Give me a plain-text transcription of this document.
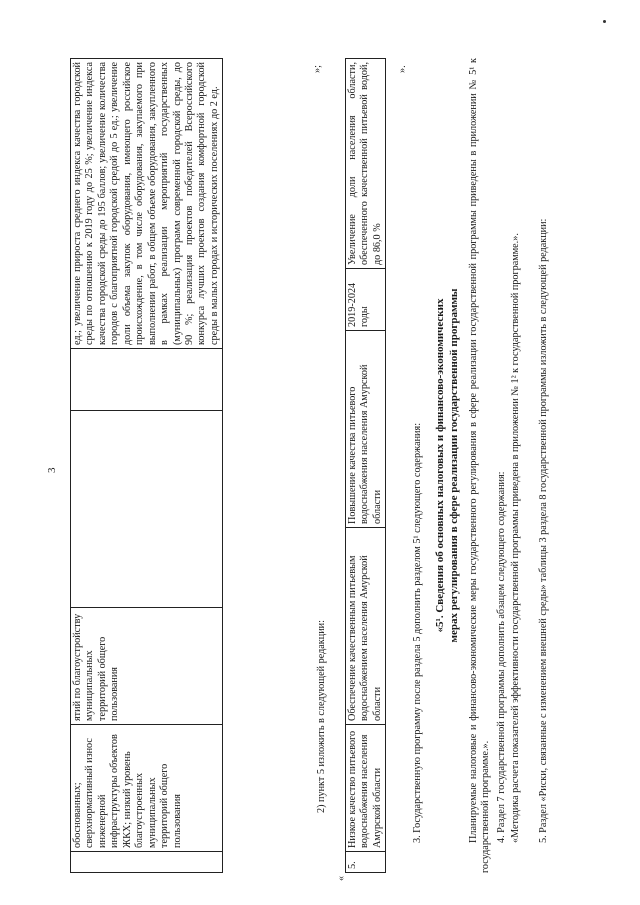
3
	обоснованных; сверхнормативный износ инженерной инфраструктуры объектов ЖКХ; низкий уровень благоустроенных муниципальных территорий общего пользования	ятий по благоустройству муниципальных территорий общего пользования			ед.; увеличение прироста среднего индекса качества городской среды по отношению к 2019 году до 25 %; увеличение индекса качества городской среды до 195 баллов; увеличение количества городов с благоприятной городской средой до 5 ед.; увеличение доли объема закупок оборудования, имеющего российское происхождение, в том числе оборудования, закупаемого при выполнении работ, в общем объеме оборудования, закупленного в рамках реализации мероприятий государственных (муниципальных) программ современной городской среды, до 90 %; реализация проектов победителей Всероссийского конкурса лучших проектов создания комфортной городской среды в малых городах и исторических поселениях до 2 ед.
»;
2) пункт 5 изложить в следующей редакции:
«
5.	Низкое качество питьевого водоснабжения населения Амурской области	Обеспечение качественным питьевым водоснабжением населения Амурской области	Повышение качества питьевого водоснабжения населения Амурской области	2019-2024 годы	Увеличение доли населения области, обеспеченного качественной питьевой водой, до 86,0 %
».
3. Государственную программу после раздела 5 дополнить разделом 5¹ следующего содержания: «5¹. Сведения об основных налоговых и финансово-экономических мерах регулирования в сфере реализации государственной программы Планируемые налоговые и финансово-экономические меры государственного регулирования в сфере реализации государственной программы приведены в приложении № 5¹ к государственной программе.». 4. Раздел 7 государственной программы дополнить абзацем следующего содержания: «Методика расчета показателей эффективности государственной программы приведена в приложении № 1² к государственной программе.». 5. Раздел «Риски, связанные с изменением внешней среды» таблицы 3 раздела 8 государственной программы изложить в следующей редакции:
